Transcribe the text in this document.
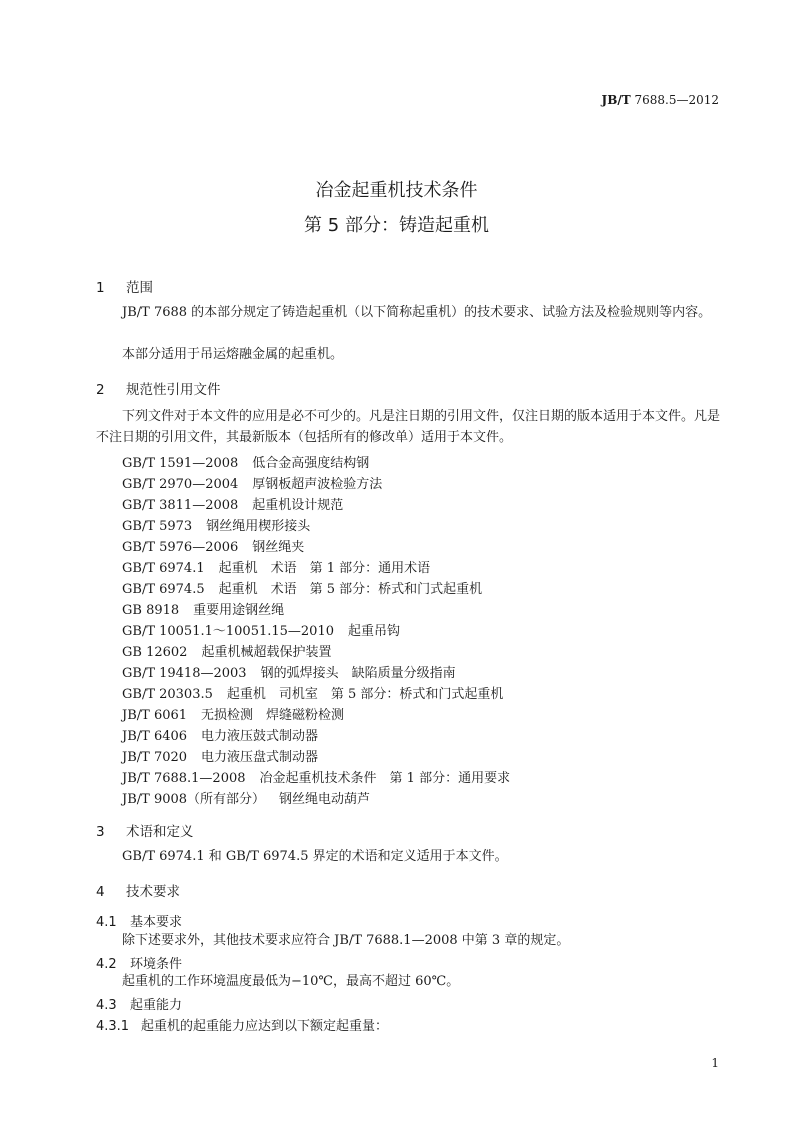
JB/T 7688.5—2012
冶金起重机技术条件
第 5 部分：铸造起重机
1 范围
JB/T 7688 的本部分规定了铸造起重机（以下简称起重机）的技术要求、试验方法及检验规则等内容。
本部分适用于吊运熔融金属的起重机。
2 规范性引用文件
下列文件对于本文件的应用是必不可少的。凡是注日期的引用文件，仅注日期的版本适用于本文件。凡是不注日期的引用文件，其最新版本（包括所有的修改单）适用于本文件。
GB/T 1591—2008 低合金高强度结构钢
GB/T 2970—2004 厚钢板超声波检验方法
GB/T 3811—2008 起重机设计规范
GB/T 5973 钢丝绳用楔形接头
GB/T 5976—2006 钢丝绳夹
GB/T 6974.1 起重机　术语　第 1 部分：通用术语
GB/T 6974.5 起重机　术语　第 5 部分：桥式和门式起重机
GB 8918 重要用途钢丝绳
GB/T 10051.1～10051.15—2010 起重吊钩
GB 12602 起重机械超载保护装置
GB/T 19418—2003 钢的弧焊接头　缺陷质量分级指南
GB/T 20303.5 起重机　司机室　第 5 部分：桥式和门式起重机
JB/T 6061 无损检测　焊缝磁粉检测
JB/T 6406 电力液压鼓式制动器
JB/T 7020 电力液压盘式制动器
JB/T 7688.1—2008 冶金起重机技术条件　第 1 部分：通用要求
JB/T 9008（所有部分） 钢丝绳电动葫芦
3 术语和定义
GB/T 6974.1 和 GB/T 6974.5 界定的术语和定义适用于本文件。
4 技术要求
4.1 基本要求
除下述要求外，其他技术要求应符合 JB/T 7688.1—2008 中第 3 章的规定。
4.2 环境条件
起重机的工作环境温度最低为−10℃，最高不超过 60℃。
4.3 起重能力
4.3.1 起重机的起重能力应达到以下额定起重量：
1
